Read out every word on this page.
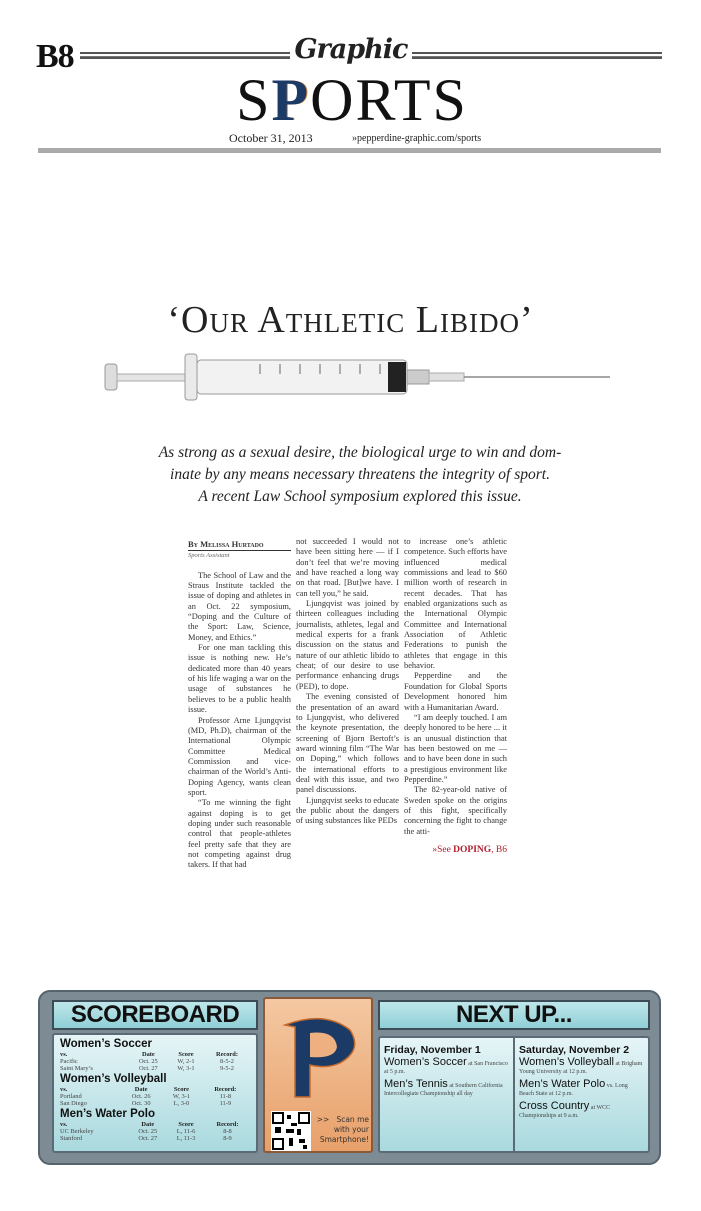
B8	Graphic
SPORTS
October 31, 2013	»pepperdine-graphic.com/sports
‘Our Athletic Libido’
As strong as a sexual desire, the biological urge to win and dom-
inate by any means necessary threatens the integrity of sport.
A recent Law School symposium explored this issue.
By Melissa Hurtado
Sports Assistant

The School of Law and the Straus Institute tackled the issue of doping and athletes in an Oct. 22 symposium, “Doping and the Culture of the Sport: Law, Science, Money, and Ethics.”

For one man tackling this issue is nothing new. He’s dedicated more than 40 years of his life waging a war on the usage of substances he believes to be a public health issue.

Professor Arne Ljungqvist (MD, Ph.D), chairman of the International Olympic Committee Medical Commission and vice-chairman of the World’s Anti-Doping Agency, wants clean sport.

“To me winning the fight against doping is to get doping under such reasonable control that people-athletes feel pretty safe that they are not competing against drug takers. If that had

not succeeded I would not have been sitting here — if I don’t feel that we’re moving and have reached a long way on that road. [But]we have. I can tell you,” he said.

Ljungqvist was joined by thirteen colleagues including journalists, athletes, legal and medical experts for a frank discussion on the status and nature of our athletic libido to cheat; of our desire to use performance enhancing drugs (PED), to dope.

The evening consisted of the presentation of an award to Ljungqvist, who delivered the keynote presentation, the screening of Bjorn Bertoft’s award winning film “The War on Doping,” which follows the international efforts to deal with this issue, and two panel discussions.

Ljungqvist seeks to educate the public about the dangers of using substances like PEDs

to increase one’s athletic competence. Such efforts have influenced medical commissions and lead to $60 million worth of research in recent decades. That has enabled organizations such as the International Olympic Committee and International Association of Athletic Federations to punish the athletes that engage in this behavior.

Pepperdine and the Foundation for Global Sports Development honored him with a Humanitarian Award.

“I am deeply touched. I am deeply honored to be here ... it is an unusual distinction that has been bestowed on me — and to have been done in such a prestigious environment like Pepperdine.”

The 82-year-old native of Sweden spoke on the origins of this fight, specifically concerning the fight to change the atti-

»See DOPING, B6
SCOREBOARD
Women’s Soccer
vs.	Date	Score	Record:
Pacific	Oct. 25	W, 2-1	8-5-2
Saint Mary’s	Oct. 27	W, 3-1	9-5-2
Women’s Volleyball
vs.	Date	Score	Record:
Portland	Oct. 26	W, 3-1	11-8
San Diego	Oct. 30	L, 3-0	11-9
Men’s Water Polo
vs.	Date	Score	Record:
UC Berkeley	Oct. 25	L, 11-6	8-8
Stanford	Oct. 27	L, 11-3	8-9
>>   Scan me
with your
Smartphone!
NEXT UP...
Friday, November 1
Women’s Soccer at San Francisco at 5 p.m.
Men’s Tennis at Southern California Intercollegiate Championship all day
Saturday, November 2
Women’s Volleyball at Brigham Young University at 12 p.m.
Men’s Water Polo vs. Long Beach State at 12 p.m.
Cross Country at WCC Championships at 9 a.m.
